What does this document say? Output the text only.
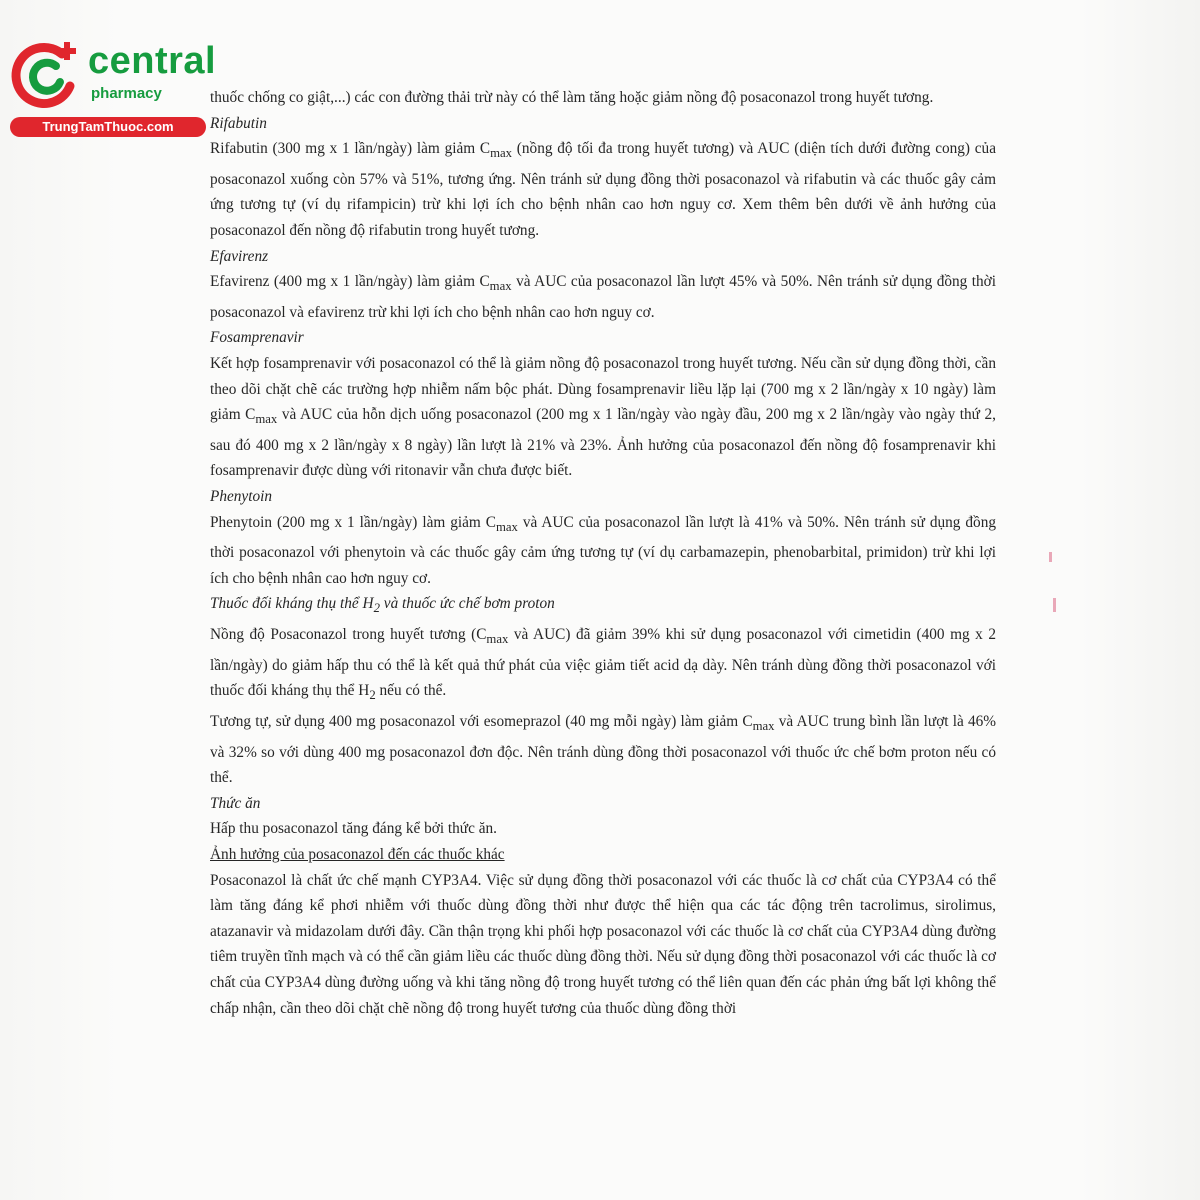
central
pharmacy
TrungTamThuoc.com

thuốc chống co giật,...) các con đường thải trừ này có thể làm tăng hoặc giảm nồng độ posaconazol trong huyết tương.

Rifabutin

Rifabutin (300 mg x 1 lần/ngày) làm giảm $C_{max}$ (nồng độ tối đa trong huyết tương) và AUC (diện tích dưới đường cong) của posaconazol xuống còn 57% và 51%, tương ứng. Nên tránh sử dụng đồng thời posaconazol và rifabutin và các thuốc gây cảm ứng tương tự (ví dụ rifampicin) trừ khi lợi ích cho bệnh nhân cao hơn nguy cơ. Xem thêm bên dưới về ảnh hưởng của posaconazol đến nồng độ rifabutin trong huyết tương.

Efavirenz

Efavirenz (400 mg x 1 lần/ngày) làm giảm $C_{max}$ và AUC của posaconazol lần lượt 45% và 50%. Nên tránh sử dụng đồng thời posaconazol và efavirenz trừ khi lợi ích cho bệnh nhân cao hơn nguy cơ.

Fosamprenavir

Kết hợp fosamprenavir với posaconazol có thể là giảm nồng độ posaconazol trong huyết tương. Nếu cần sử dụng đồng thời, cần theo dõi chặt chẽ các trường hợp nhiễm nấm bộc phát. Dùng fosamprenavir liều lặp lại (700 mg x 2 lần/ngày x 10 ngày) làm giảm $C_{max}$ và AUC của hỗn dịch uống posaconazol (200 mg x 1 lần/ngày vào ngày đầu, 200 mg x 2 lần/ngày vào ngày thứ 2, sau đó 400 mg x 2 lần/ngày x 8 ngày) lần lượt là 21% và 23%. Ảnh hưởng của posaconazol đến nồng độ fosamprenavir khi fosamprenavir được dùng với ritonavir vẫn chưa được biết.

Phenytoin

Phenytoin (200 mg x 1 lần/ngày) làm giảm $C_{max}$ và AUC của posaconazol lần lượt là 41% và 50%. Nên tránh sử dụng đồng thời posaconazol với phenytoin và các thuốc gây cảm ứng tương tự (ví dụ carbamazepin, phenobarbital, primidon) trừ khi lợi ích cho bệnh nhân cao hơn nguy cơ.

Thuốc đối kháng thụ thể $H_2$ và thuốc ức chế bơm proton

Nồng độ Posaconazol trong huyết tương ($C_{max}$ và AUC) đã giảm 39% khi sử dụng posaconazol với cimetidin (400 mg x 2 lần/ngày) do giảm hấp thu có thể là kết quả thứ phát của việc giảm tiết acid dạ dày. Nên tránh dùng đồng thời posaconazol với thuốc đối kháng thụ thể $H_2$ nếu có thể.

Tương tự, sử dụng 400 mg posaconazol với esomeprazol (40 mg mỗi ngày) làm giảm $C_{max}$ và AUC trung bình lần lượt là 46% và 32% so với dùng 400 mg posaconazol đơn độc. Nên tránh dùng đồng thời posaconazol với thuốc ức chế bơm proton nếu có thể.

Thức ăn

Hấp thu posaconazol tăng đáng kể bởi thức ăn.

Ảnh hưởng của posaconazol đến các thuốc khác

Posaconazol là chất ức chế mạnh CYP3A4. Việc sử dụng đồng thời posaconazol với các thuốc là cơ chất của CYP3A4 có thể làm tăng đáng kể phơi nhiễm với thuốc dùng đồng thời như được thể hiện qua các tác động trên tacrolimus, sirolimus, atazanavir và midazolam dưới đây. Cần thận trọng khi phối hợp posaconazol với các thuốc là cơ chất của CYP3A4 dùng đường tiêm truyền tĩnh mạch và có thể cần giảm liều các thuốc dùng đồng thời. Nếu sử dụng đồng thời posaconazol với các thuốc là cơ chất của CYP3A4 dùng đường uống và khi tăng nồng độ trong huyết tương có thể liên quan đến các phản ứng bất lợi không thể chấp nhận, cần theo dõi chặt chẽ nồng độ trong huyết tương của thuốc dùng đồng thời
